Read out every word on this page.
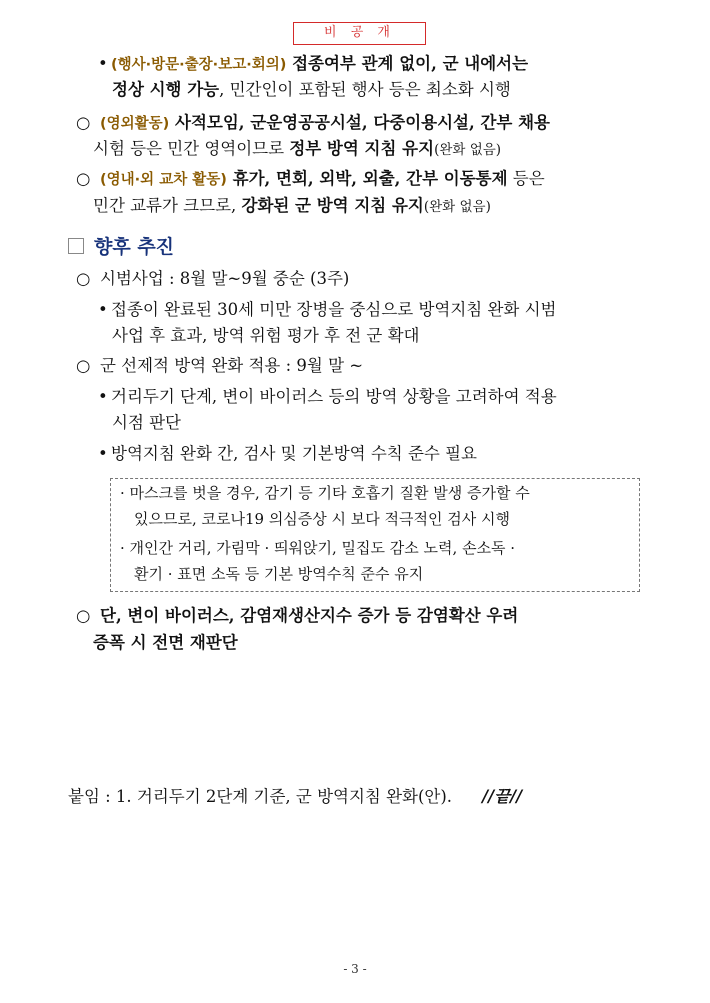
비 공 개
• (행사·방문·출장·보고·회의) 접종여부 관계 없이, 군 내에서는
정상 시행 가능, 민간인이 포함된 행사 등은 최소화 시행
○ (영외활동) 사적모임, 군운영공공시설, 다중이용시설, 간부 채용
시험 등은 민간 영역이므로 정부 방역 지침 유지(완화 없음)
○ (영내·외 교차 활동) 휴가, 면회, 외박, 외출, 간부 이동통제 등은
민간 교류가 크므로, 강화된 군 방역 지침 유지(완화 없음)
향후 추진
○ 시범사업 : 8월 말~9월 중순 (3주)
• 접종이 완료된 30세 미만 장병을 중심으로 방역지침 완화 시범
사업 후 효과, 방역 위험 평가 후 전 군 확대
○ 군 선제적 방역 완화 적용 : 9월 말 ~
• 거리두기 단계, 변이 바이러스 등의 방역 상황을 고려하여 적용
시점 판단
• 방역지침 완화 간, 검사 및 기본방역 수칙 준수 필요
· 마스크를 벗을 경우, 감기 등 기타 호흡기 질환 발생 증가할 수
있으므로, 코로나19 의심증상 시 보다 적극적인 검사 시행
· 개인간 거리, 가림막 · 띄워앉기, 밀집도 감소 노력, 손소독 ·
환기 · 표면 소독 등 기본 방역수칙 준수 유지
○ 단, 변이 바이러스, 감염재생산지수 증가 등 감염확산 우려
증폭 시 전면 재판단
붙임 : 1. 거리두기 2단계 기준, 군 방역지침 완화(안). //끝//
- 3 -
